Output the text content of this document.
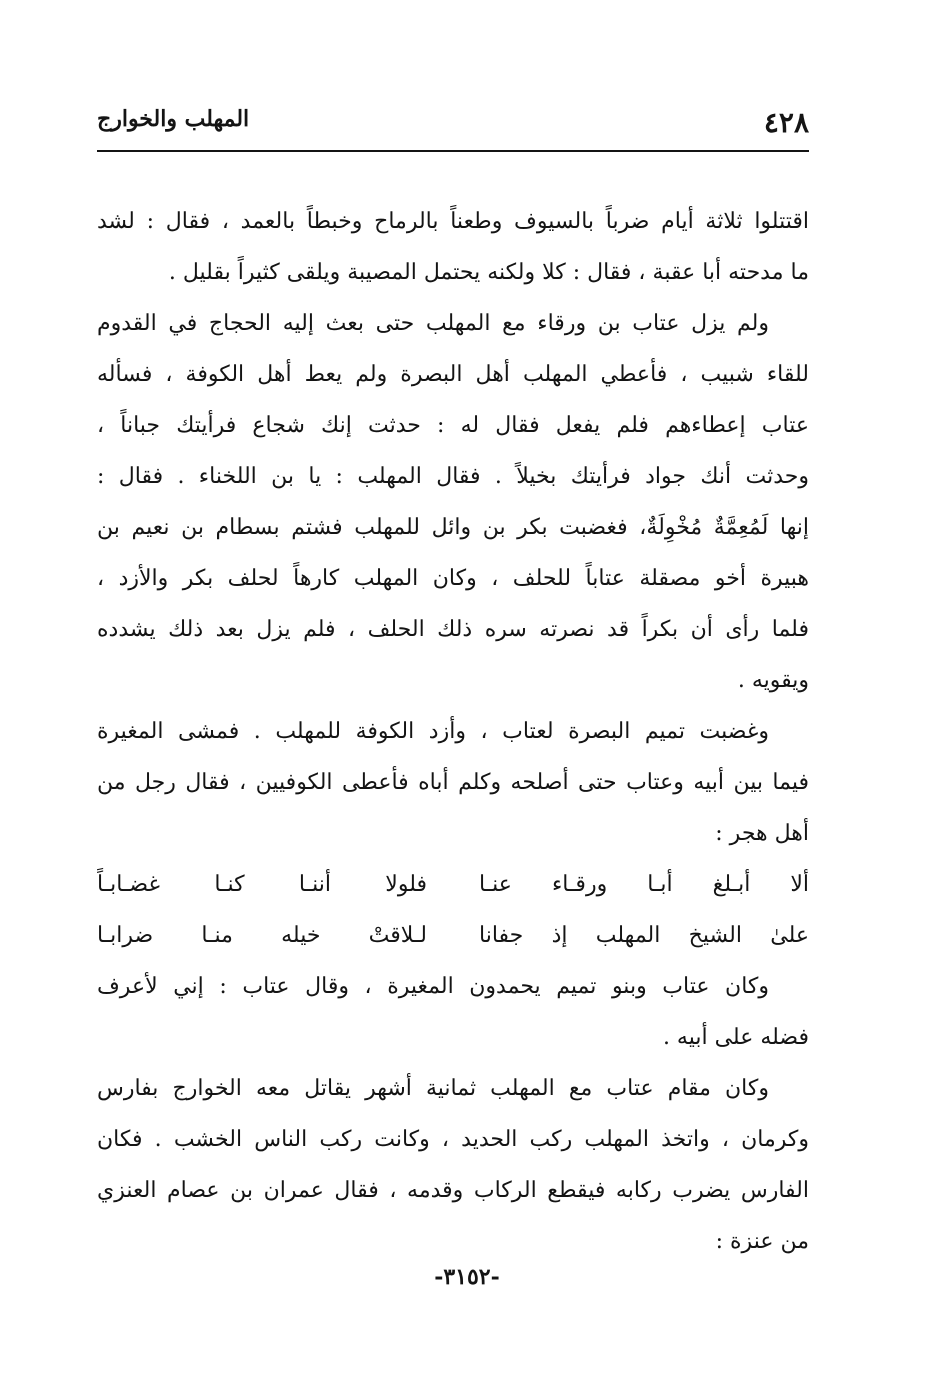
٤٢٨
المهلب والخوارج
اقتتلوا ثلاثة أيام ضرباً بالسيوف وطعناً بالرماح وخبطاً بالعمد ، فقال : لشد
ما مدحته أبا عقبة ، فقال : كلا ولكنه يحتمل المصيبة ويلقى كثيراً بقليل .
ولم يزل عتاب بن ورقاء مع المهلب حتى بعث إليه الحجاج في القدوم
للقاء شبيب ، فأعطي المهلب أهل البصرة ولم يعط أهل الكوفة ، فسأله
عتاب إعطاءهم فلم يفعل فقال له : حدثت إنك شجاع فرأيتك جباناً ،
وحدثت أنك جواد فرأيتك بخيلاً . فقال المهلب : يا بن اللخناء . فقال :
إنها لَمُعِمَّةٌ مُخْوِلَةٌ، فغضبت بكر بن وائل للمهلب فشتم بسطام بن نعيم بن
هبيرة أخو مصقلة عتاباً للحلف ، وكان المهلب كارهاً لحلف بكر والأزد ،
فلما رأى أن بكراً قد نصرته سره ذلك الحلف ، فلم يزل بعد ذلك يشدده
ويقويه .
وغضبت تميم البصرة لعتاب ، وأزد الكوفة للمهلب . فمشى المغيرة
فيما بين أبيه وعتاب حتى أصلحه وكلم أباه فأعطى الكوفيين ، فقال رجل من
أهل هجر :
ألا أبـلغ أبـا ورقـاء عنـا
فلولا أننـا كنـا غضـابـاً
علىٰ الشيخ المهلب إذ جفانا
لـلاقتْ خيله منـا ضرابـا
وكان عتاب وبنو تميم يحمدون المغيرة ، وقال عتاب : إني لأعرف
فضله على أبيه .
وكان مقام عتاب مع المهلب ثمانية أشهر يقاتل معه الخوارج بفارس
وكرمان ، واتخذ المهلب ركب الحديد ، وكانت ركب الناس الخشب . فكان
الفارس يضرب ركابه فيقطع الركاب وقدمه ، فقال عمران بن عصام العنزي
من عنزة :
-٣١٥٢-
